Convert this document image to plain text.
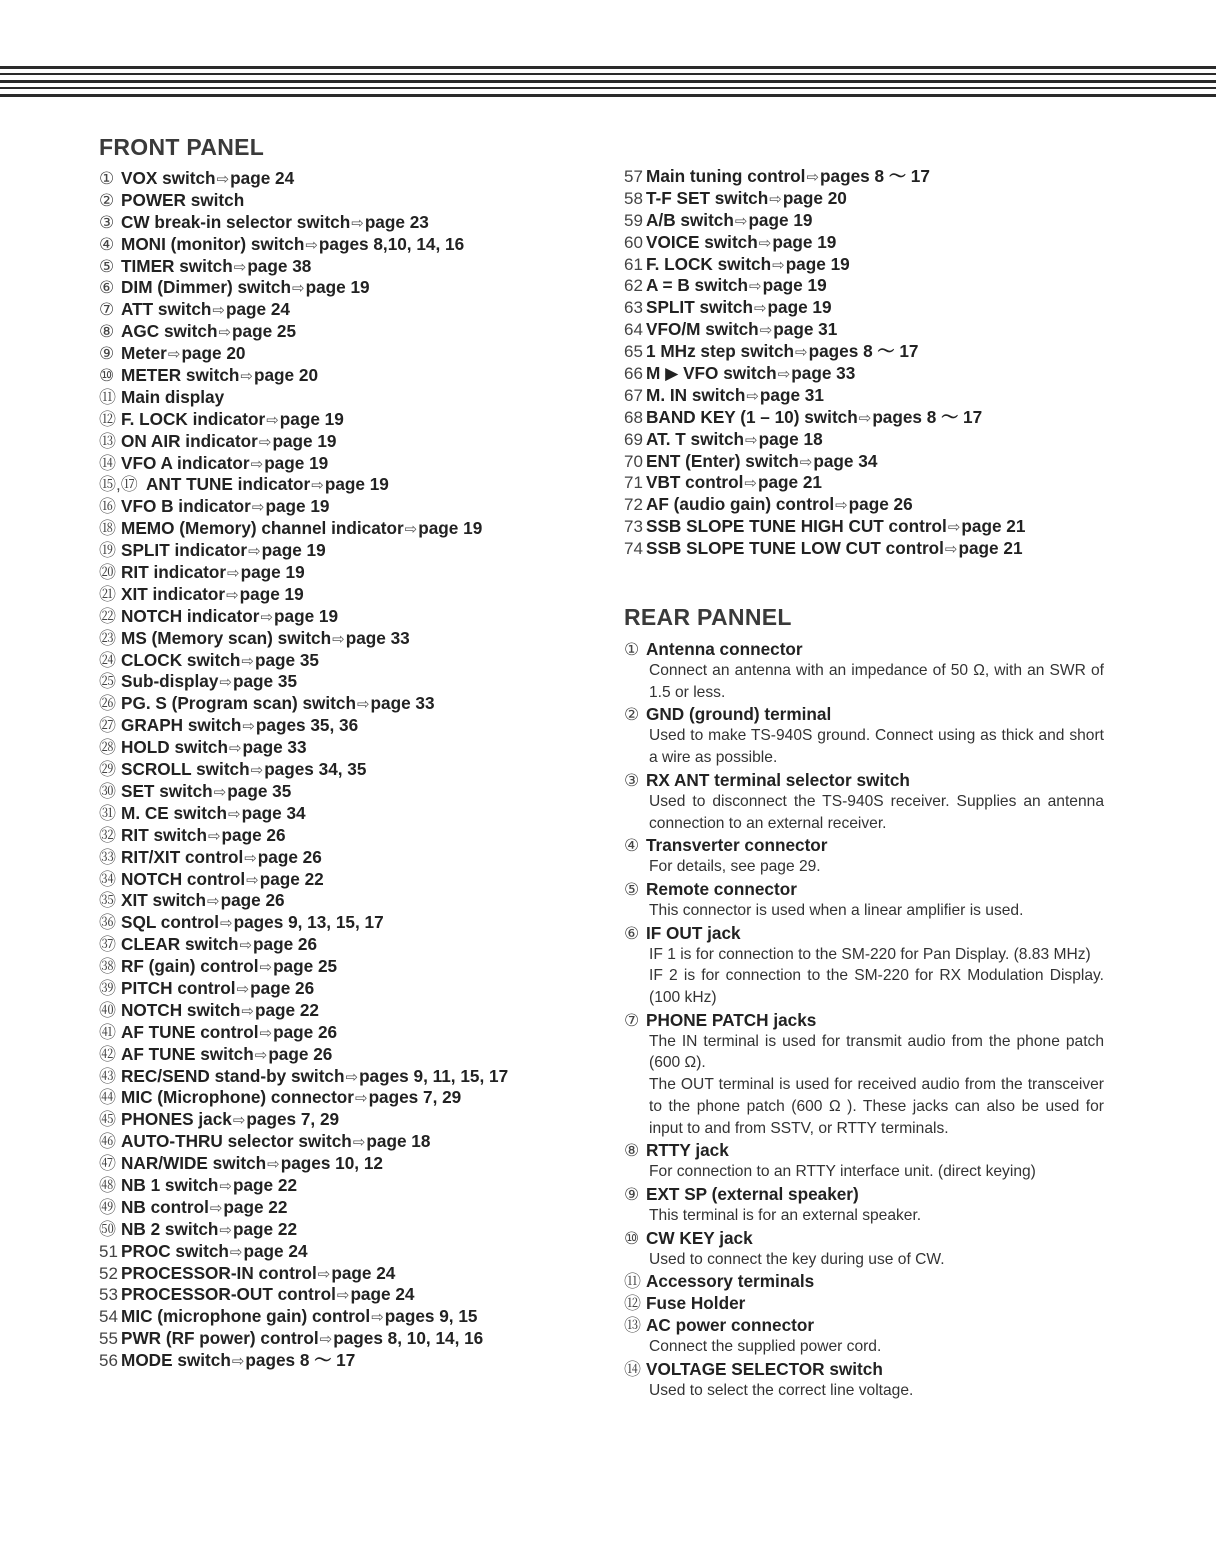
FRONT PANEL
① VOX switch⇨page 24
② POWER switch
③ CW break-in selector switch⇨page 23
④ MONI (monitor) switch⇨pages 8,10, 14, 16
⑤ TIMER switch⇨page 38
⑥ DIM (Dimmer) switch⇨page 19
⑦ ATT switch⇨page 24
⑧ AGC switch⇨page 25
⑨ Meter⇨page 20
⑩ METER switch⇨page 20
⑪ Main display
⑫ F. LOCK indicator⇨page 19
⑬ ON AIR indicator⇨page 19
⑭ VFO A indicator⇨page 19
⑮,⑰ ANT TUNE indicator⇨page 19
⑯ VFO B indicator⇨page 19
⑱ MEMO (Memory) channel indicator⇨page 19
⑲ SPLIT indicator⇨page 19
⑳ RIT indicator⇨page 19
㉑ XIT indicator⇨page 19
㉒ NOTCH indicator⇨page 19
㉓ MS (Memory scan) switch⇨page 33
㉔ CLOCK switch⇨page 35
㉕ Sub-display⇨page 35
㉖ PG. S (Program scan) switch⇨page 33
㉗ GRAPH switch⇨pages 35, 36
㉘ HOLD switch⇨page 33
㉙ SCROLL switch⇨pages 34, 35
㉚ SET switch⇨page 35
㉛ M. CE switch⇨page 34
㉜ RIT switch⇨page 26
㉝ RIT/XIT control⇨page 26
㉞ NOTCH control⇨page 22
㉟ XIT switch⇨page 26
㊱ SQL control⇨pages 9, 13, 15, 17
㊲ CLEAR switch⇨page 26
㊳ RF (gain) control⇨page 25
㊴ PITCH control⇨page 26
㊵ NOTCH switch⇨page 22
㊶ AF TUNE control⇨page 26
㊷ AF TUNE switch⇨page 26
㊸ REC/SEND stand-by switch⇨pages 9, 11, 15, 17
㊹ MIC (Microphone) connector⇨pages 7, 29
㊺ PHONES jack⇨pages 7, 29
㊻ AUTO-THRU selector switch⇨page 18
㊼ NAR/WIDE switch⇨pages 10, 12
㊽ NB 1 switch⇨page 22
㊾ NB control⇨page 22
㊿ NB 2 switch⇨page 22
51 PROC switch⇨page 24
52 PROCESSOR-IN control⇨page 24
53 PROCESSOR-OUT control⇨page 24
54 MIC (microphone gain) control⇨pages 9, 15
55 PWR (RF power) control⇨pages 8, 10, 14, 16
56 MODE switch⇨pages 8 ～ 17
57 Main tuning control⇨pages 8 ～ 17
58 T-F SET switch⇨page 20
59 A/B switch⇨page 19
60 VOICE switch⇨page 19
61 F. LOCK switch⇨page 19
62 A = B switch⇨page 19
63 SPLIT switch⇨page 19
64 VFO/M switch⇨page 31
65 1 MHz step switch⇨pages 8 ～ 17
66 M ▶ VFO switch⇨page 33
67 M. IN switch⇨page 31
68 BAND KEY (1 – 10) switch⇨pages 8 ～ 17
69 AT. T switch⇨page 18
70 ENT (Enter) switch⇨page 34
71 VBT control⇨page 21
72 AF (audio gain) control⇨page 26
73 SSB SLOPE TUNE HIGH CUT control⇨page 21
74 SSB SLOPE TUNE LOW CUT control⇨page 21
REAR PANNEL
① Antenna connector

Connect an antenna with an impedance of 50 Ω, with an SWR of 1.5 or less.

② GND (ground) terminal

Used to make TS-940S ground. Connect using as thick and short a wire as possible.

③ RX ANT terminal selector switch

Used to disconnect the TS-940S receiver. Supplies an antenna connection to an external receiver.

④ Transverter connector

For details, see page 29.

⑤ Remote connector

This connector is used when a linear amplifier is used.

⑥ IF OUT jack

IF 1 is for connection to the SM-220 for Pan Display. (8.83 MHz)

IF 2 is for connection to the SM-220 for RX Modulation Display. (100 kHz)

⑦ PHONE PATCH jacks

The IN terminal is used for transmit audio from the phone patch (600 Ω).

The OUT terminal is used for received audio from the transceiver to the phone patch (600 Ω ). These jacks can also be used for input to and from SSTV, or RTTY terminals.

⑧ RTTY jack

For connection to an RTTY interface unit. (direct keying)

⑨ EXT SP (external speaker)

This terminal is for an external speaker.

⑩ CW KEY jack

Used to connect the key during use of CW.

⑪ Accessory terminals
⑫ Fuse Holder
⑬ AC power connector

Connect the supplied power cord.

⑭ VOLTAGE SELECTOR switch

Used to select the correct line voltage.
